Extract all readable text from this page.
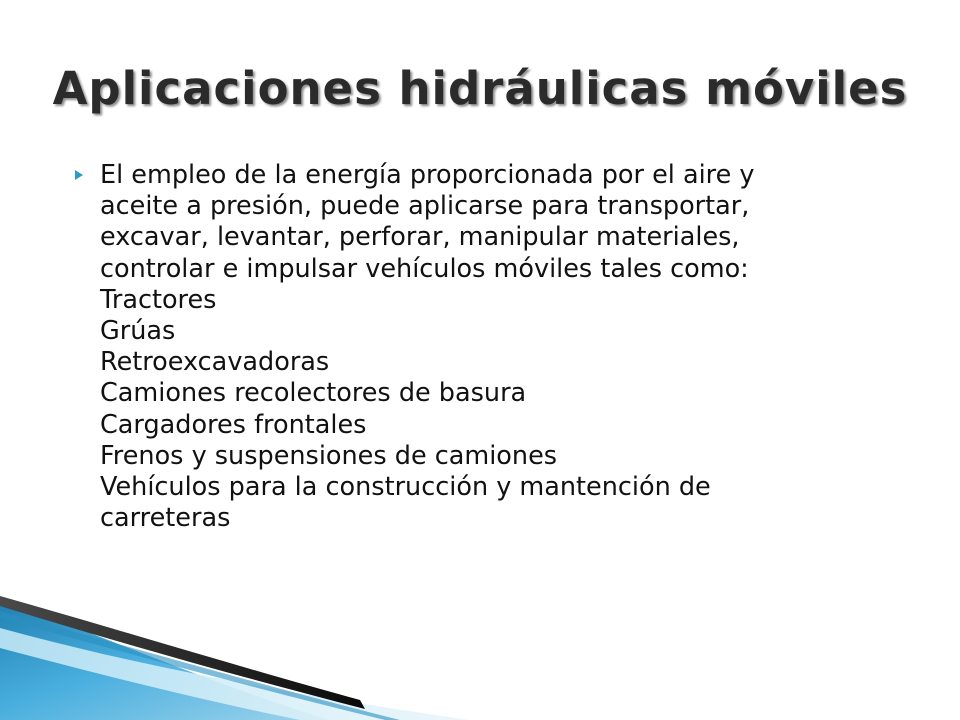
Aplicaciones hidráulicas móviles
El empleo de la energía proporcionada por el aire y
aceite a presión, puede aplicarse para transportar,
excavar, levantar, perforar, manipular materiales,
controlar e impulsar vehículos móviles tales como:
Tractores
Grúas
Retroexcavadoras
Camiones recolectores de basura
Cargadores frontales
Frenos y suspensiones de camiones
Vehículos para la construcción y mantención de
carreteras
